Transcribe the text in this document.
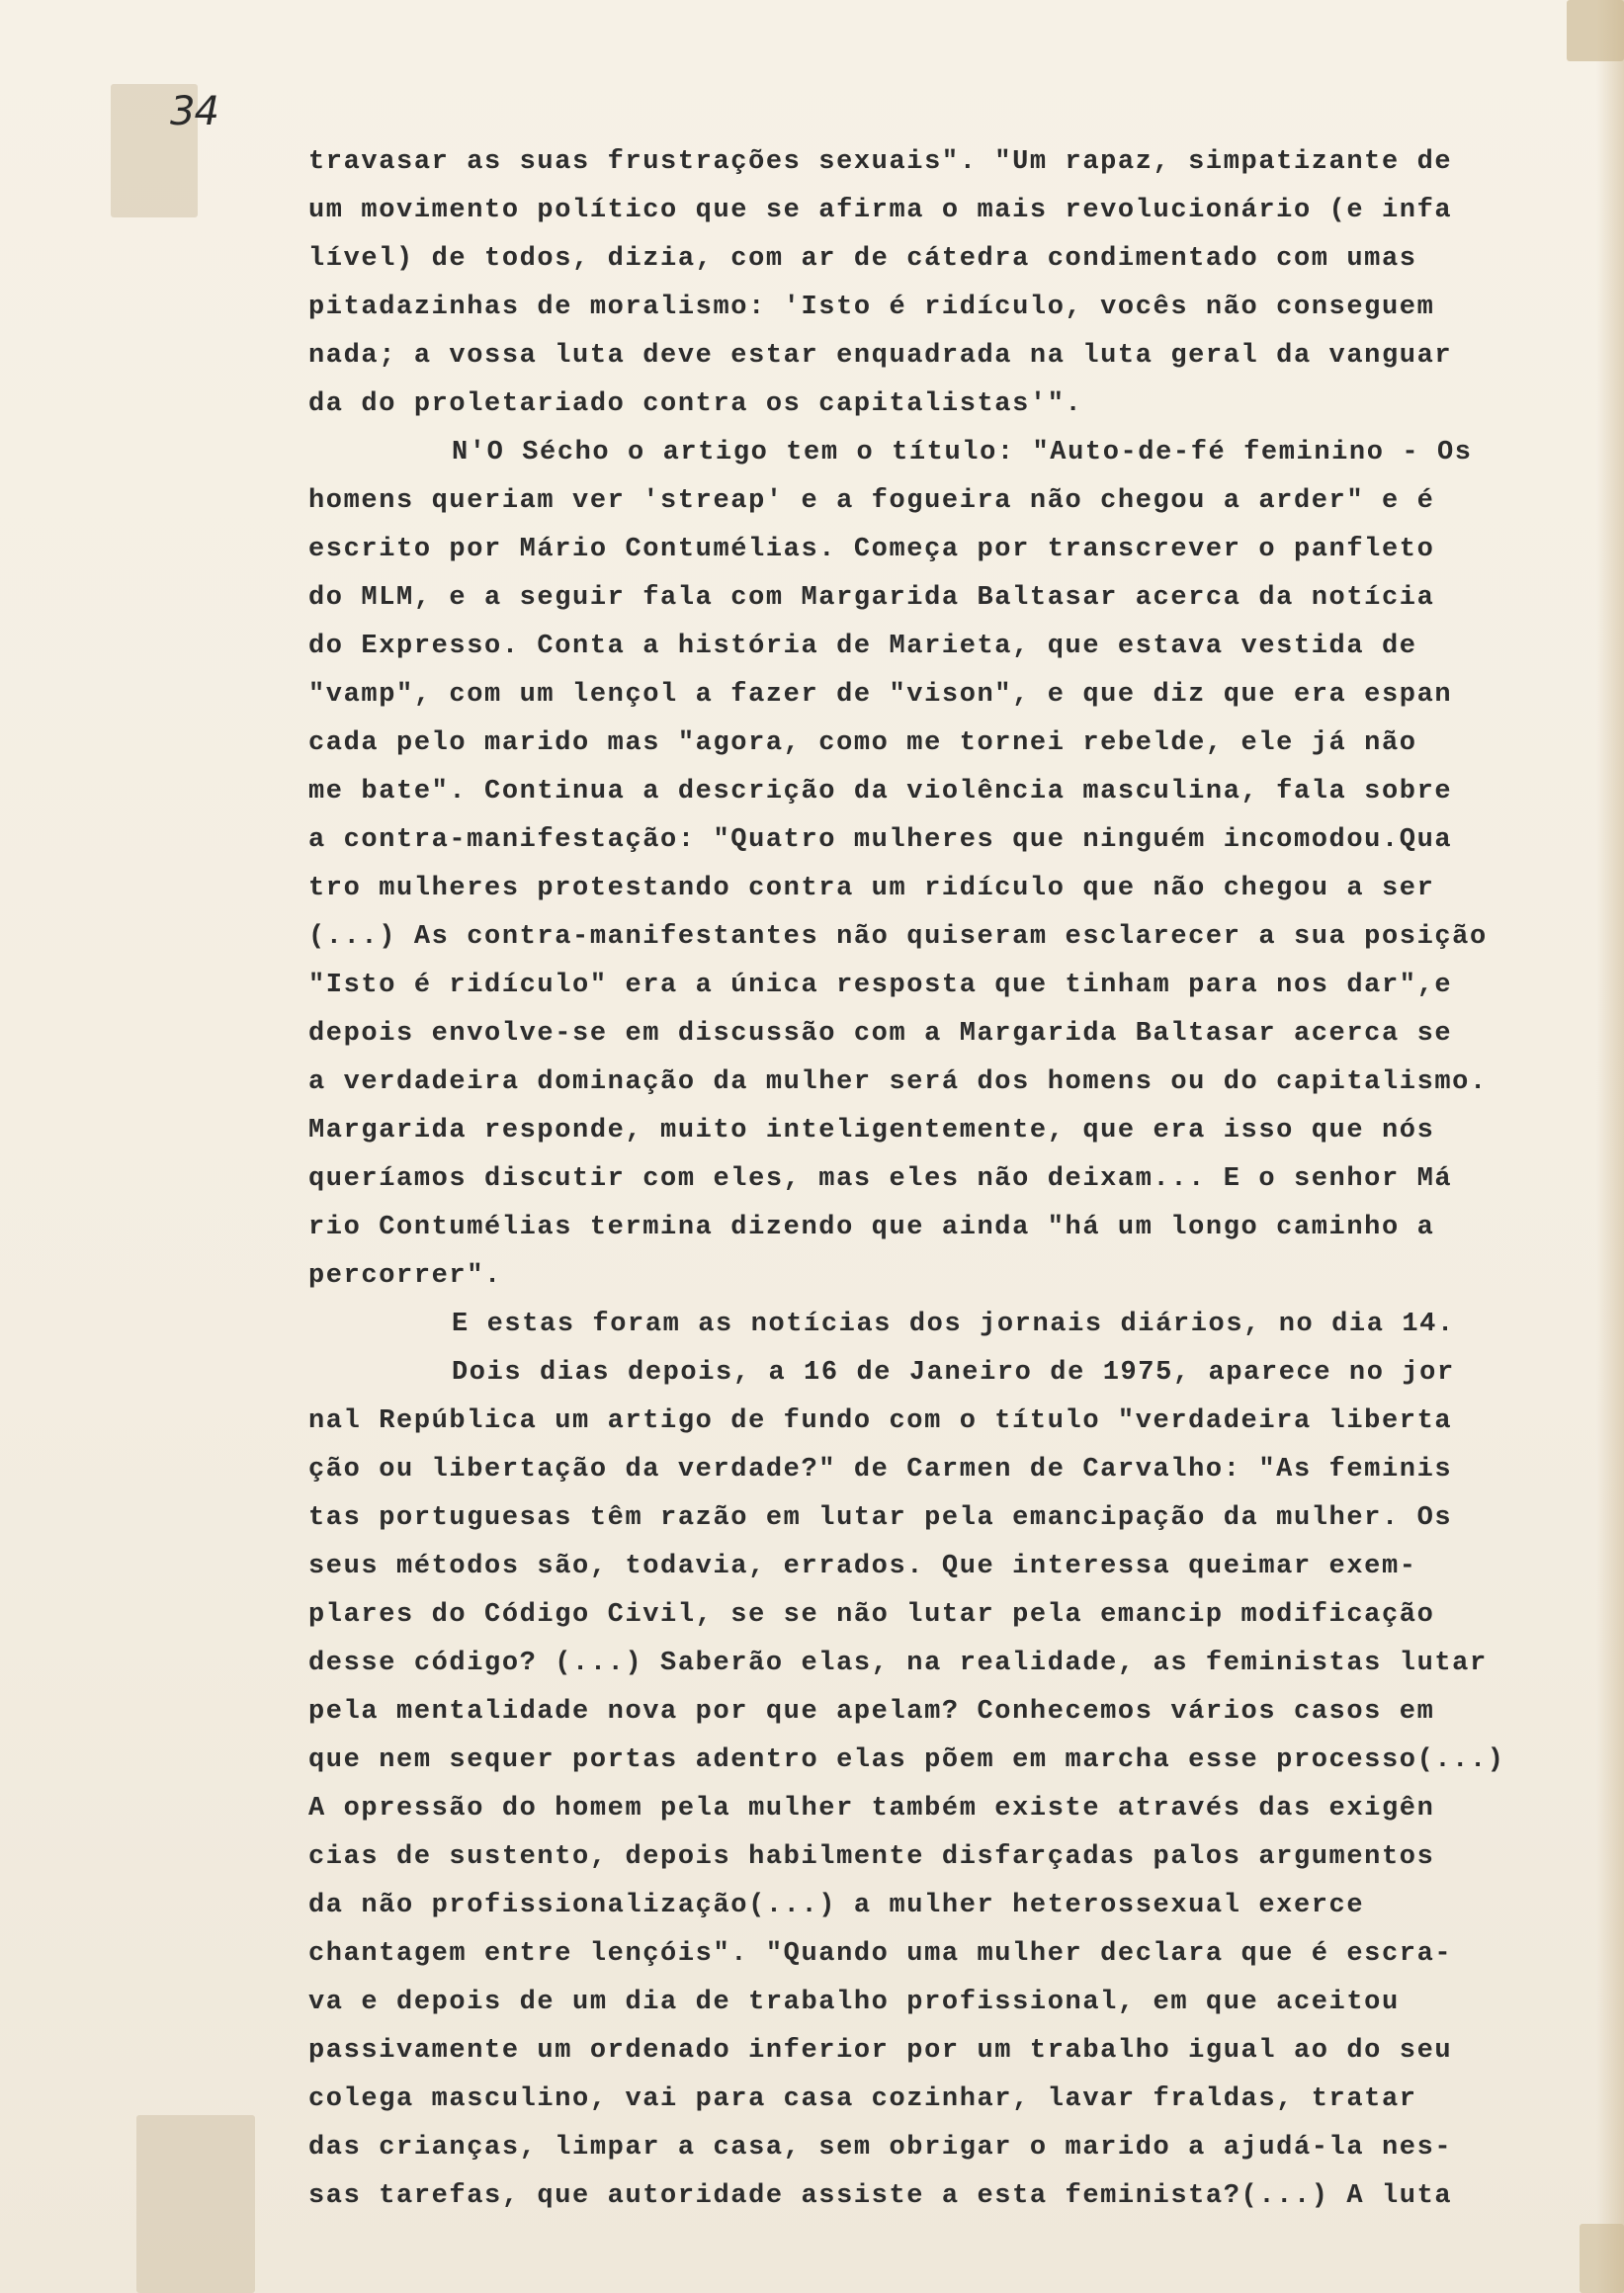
34
travasar as suas frustrações sexuais". "Um rapaz, simpatizante de
um movimento político que se afirma o mais revolucionário (e infa
lível) de todos, dizia, com ar de cátedra condimentado com umas
pitadazinhas de moralismo: 'Isto é ridículo, vocês não conseguem
nada; a vossa luta deve estar enquadrada na luta geral da vanguar
da do proletariado contra os capitalistas'".
N'O Sécho o artigo tem o título: "Auto-de-fé feminino - Os
homens queriam ver 'streap' e a fogueira não chegou a arder" e é
escrito por Mário Contumélias. Começa por transcrever o panfleto
do MLM, e a seguir fala com Margarida Baltasar acerca da notícia
do Expresso. Conta a história de Marieta, que estava vestida de
"vamp", com um lençol a fazer de "vison", e que diz que era espan
cada pelo marido mas "agora, como me tornei rebelde, ele já não
me bate". Continua a descrição da violência masculina, fala sobre
a contra-manifestação: "Quatro mulheres que ninguém incomodou.Qua
tro mulheres protestando contra um ridículo que não chegou a ser
(...) As contra-manifestantes não quiseram esclarecer a sua posição
"Isto é ridículo" era a única resposta que tinham para nos dar",e
depois envolve-se em discussão com a Margarida Baltasar acerca se
a verdadeira dominação da mulher será dos homens ou do capitalismo.
Margarida responde, muito inteligentemente, que era isso que nós
queríamos discutir com eles, mas eles não deixam... E o senhor Má
rio Contumélias termina dizendo que ainda "há um longo caminho a
percorrer".
E estas foram as notícias dos jornais diários, no dia 14.
Dois dias depois, a 16 de Janeiro de 1975, aparece no jor
nal República um artigo de fundo com o título "verdadeira liberta
ção ou libertação da verdade?" de Carmen de Carvalho: "As feminis
tas portuguesas têm razão em lutar pela emancipação da mulher. Os
seus métodos são, todavia, errados. Que interessa queimar exem-
plares do Código Civil, se se não lutar pela emancip modificação
desse código? (...) Saberão elas, na realidade, as feministas lutar
pela mentalidade nova por que apelam? Conhecemos vários casos em
que nem sequer portas adentro elas põem em marcha esse processo(...)
A opressão do homem pela mulher também existe através das exigên
cias de sustento, depois habilmente disfarçadas palos argumentos
da não profissionalização(...) a mulher heterossexual exerce
chantagem entre lençóis". "Quando uma mulher declara que é escra-
va e depois de um dia de trabalho profissional, em que aceitou
passivamente um ordenado inferior por um trabalho igual ao do seu
colega masculino, vai para casa cozinhar, lavar fraldas, tratar
das crianças, limpar a casa, sem obrigar o marido a ajudá-la nes-
sas tarefas, que autoridade assiste a esta feminista?(...) A luta
